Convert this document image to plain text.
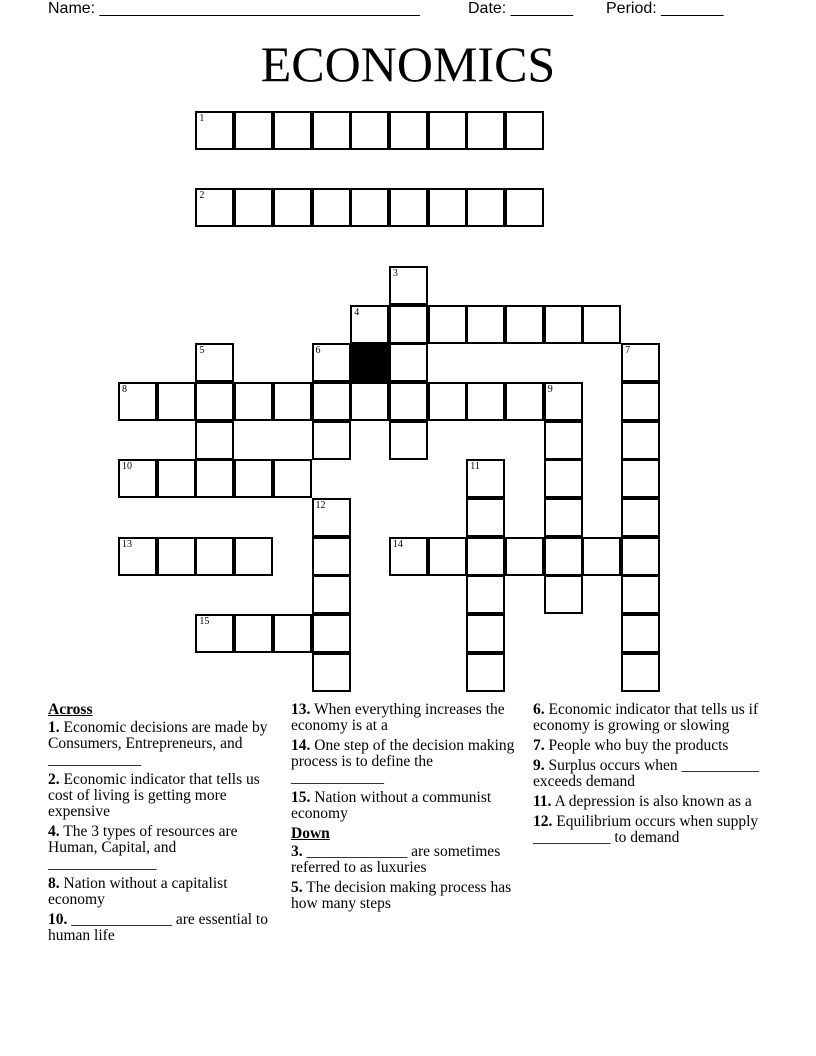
Name: ____________________________________	Date: _______ Period: _______
ECONOMICS
1
2
4
8	9
10
13	14
15
3
5	6	7
11
12
Across
1. Economic decisions are made by Consumers, Entrepreneurs, and ____________
2. Economic indicator that tells us cost of living is getting more expensive
4. The 3 types of resources are Human, Capital, and ______________
8. Nation without a capitalist economy
10. _____________ are essential to human life
13. When everything increases the economy is at a
14. One step of the decision making process is to define the ____________
15. Nation without a communist economy
Down
3. _____________ are sometimes referred to as luxuries
5. The decision making process has how many steps
6. Economic indicator that tells us if economy is growing or slowing
7. People who buy the products
9. Surplus occurs when __________ exceeds demand
11. A depression is also known as a
12. Equilibrium occurs when supply __________ to demand
